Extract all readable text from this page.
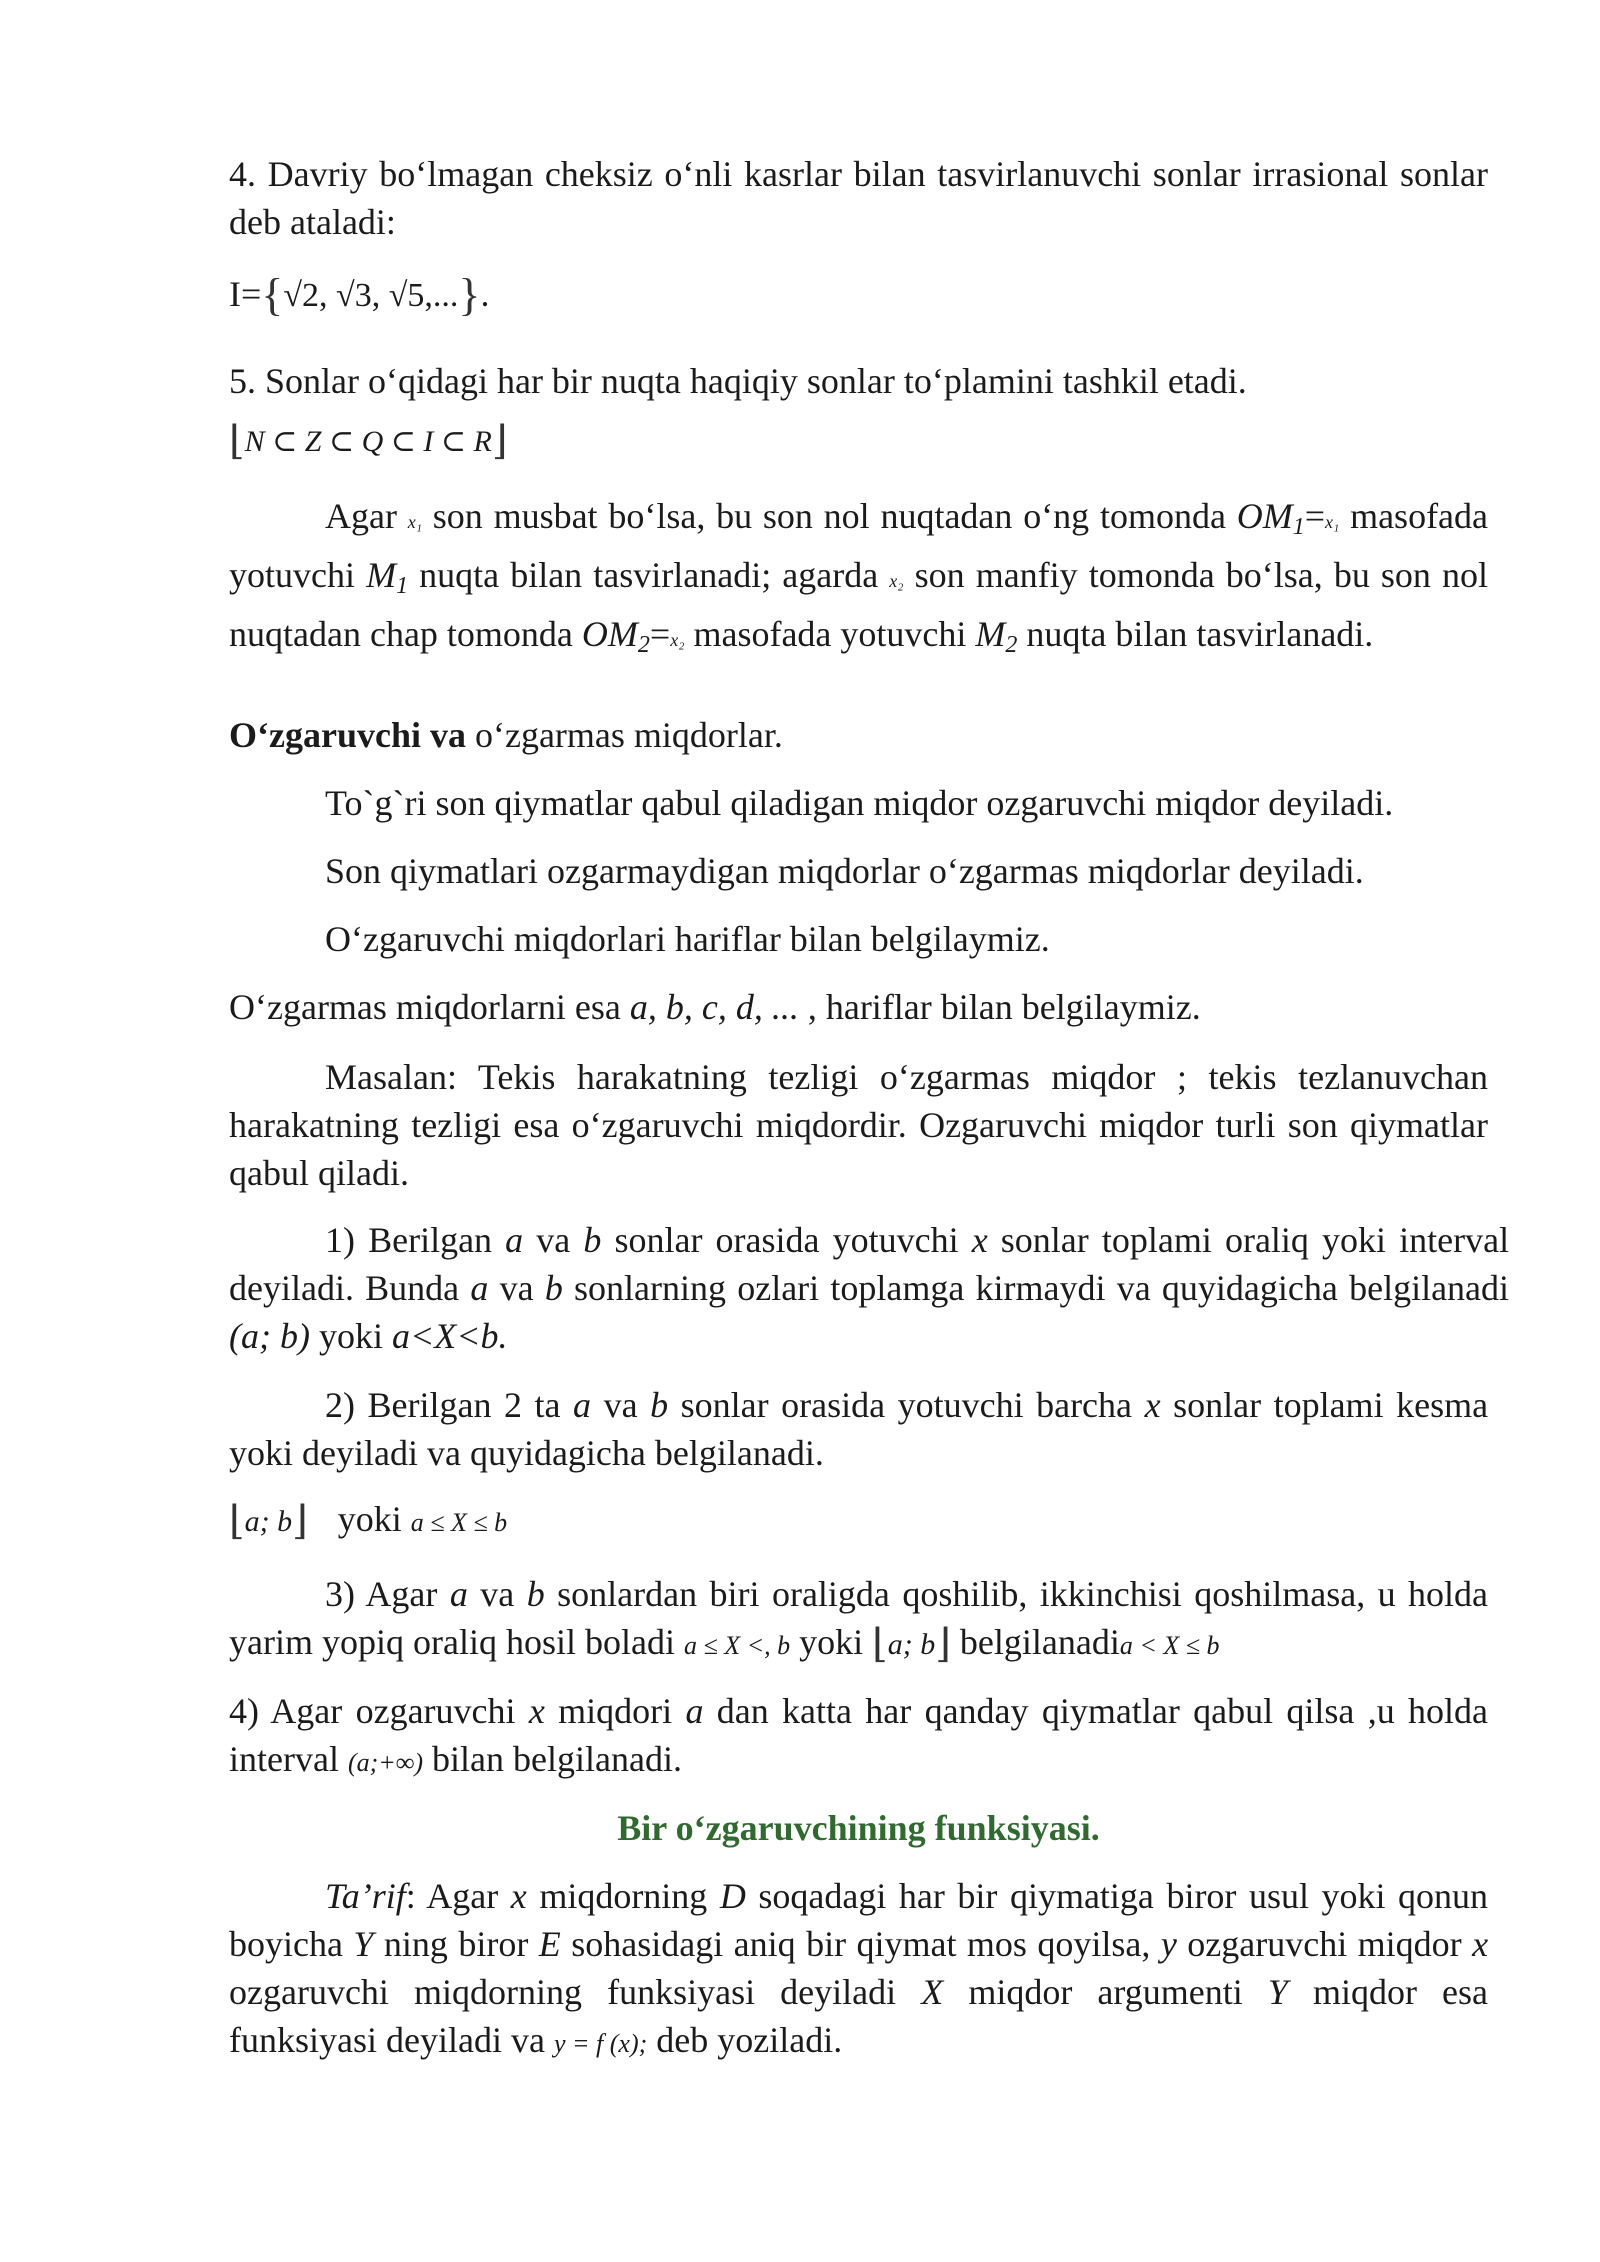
4. Davriy bo‘lmagan cheksiz o‘nli kasrlar bilan tasvirlanuvchi sonlar irrasional sonlar deb ataladi:

I={√2, √3, √5,...}.

5. Sonlar o‘qidagi har bir nuqta haqiqiy sonlar to‘plamini tashkil etadi.

⌊N ⊂ Z ⊂ Q ⊂ I ⊂ R⌋

Agar x₁ son musbat bo‘lsa, bu son nol nuqtadan o‘ng tomonda $OM_1=x_1$ masofada yotuvchi $M_1$ nuqta bilan tasvirlanadi; agarda x₂ son manfiy tomonda bo‘lsa, bu son nol nuqtadan chap tomonda $OM_2=x_2$ masofada yotuvchi $M_2$ nuqta bilan tasvirlanadi.

O‘zgaruvchi va o‘zgarmas miqdorlar.

To`g`ri son qiymatlar qabul qiladigan miqdor ozgaruvchi miqdor deyiladi.

Son qiymatlari ozgarmaydigan miqdorlar o‘zgarmas miqdorlar deyiladi.

O‘zgaruvchi miqdorlari hariflar bilan belgilaymiz.

O‘zgarmas miqdorlarni esa a, b, c, d, ... , hariflar bilan belgilaymiz.

Masalan: Tekis harakatning tezligi o‘zgarmas miqdor ; tekis tezlanuvchan harakatning tezligi esa o‘zgaruvchi miqdordir. Ozgaruvchi miqdor turli son qiymatlar qabul qiladi.

1) Berilgan a va b sonlar orasida yotuvchi x sonlar toplami oraliq yoki interval deyiladi. Bunda a va b sonlarning ozlari toplamga kirmaydi va quyidagicha belgilanadi (a; b) yoki a<X<b.

2) Berilgan 2 ta a va b sonlar orasida yotuvchi barcha x sonlar toplami kesma yoki deyiladi va quyidagicha belgilanadi.

⌊a; b⌋ yoki a ≤ X ≤ b

3) Agar a va b sonlardan biri oraligda qoshilib, ikkinchisi qoshilmasa, u holda yarim yopiq oraliq hosil boladi a ≤ X <, b yoki ⌊a; b⌋ belgilanadia < X ≤ b

4) Agar ozgaruvchi x miqdori a dan katta har qanday qiymatlar qabul qilsa ,u holda interval (a;+∞) bilan belgilanadi.

Bir o‘zgaruvchining funksiyasi.

Ta’rif: Agar x miqdorning D soqadagi har bir qiymatiga biror usul yoki qonun boyicha Y ning biror E sohasidagi aniq bir qiymat mos qoyilsa, y ozgaruvchi miqdor x ozgaruvchi miqdorning funksiyasi deyiladi X miqdor argumenti Y miqdor esa funksiyasi deyiladi va y = f (x); deb yoziladi.
